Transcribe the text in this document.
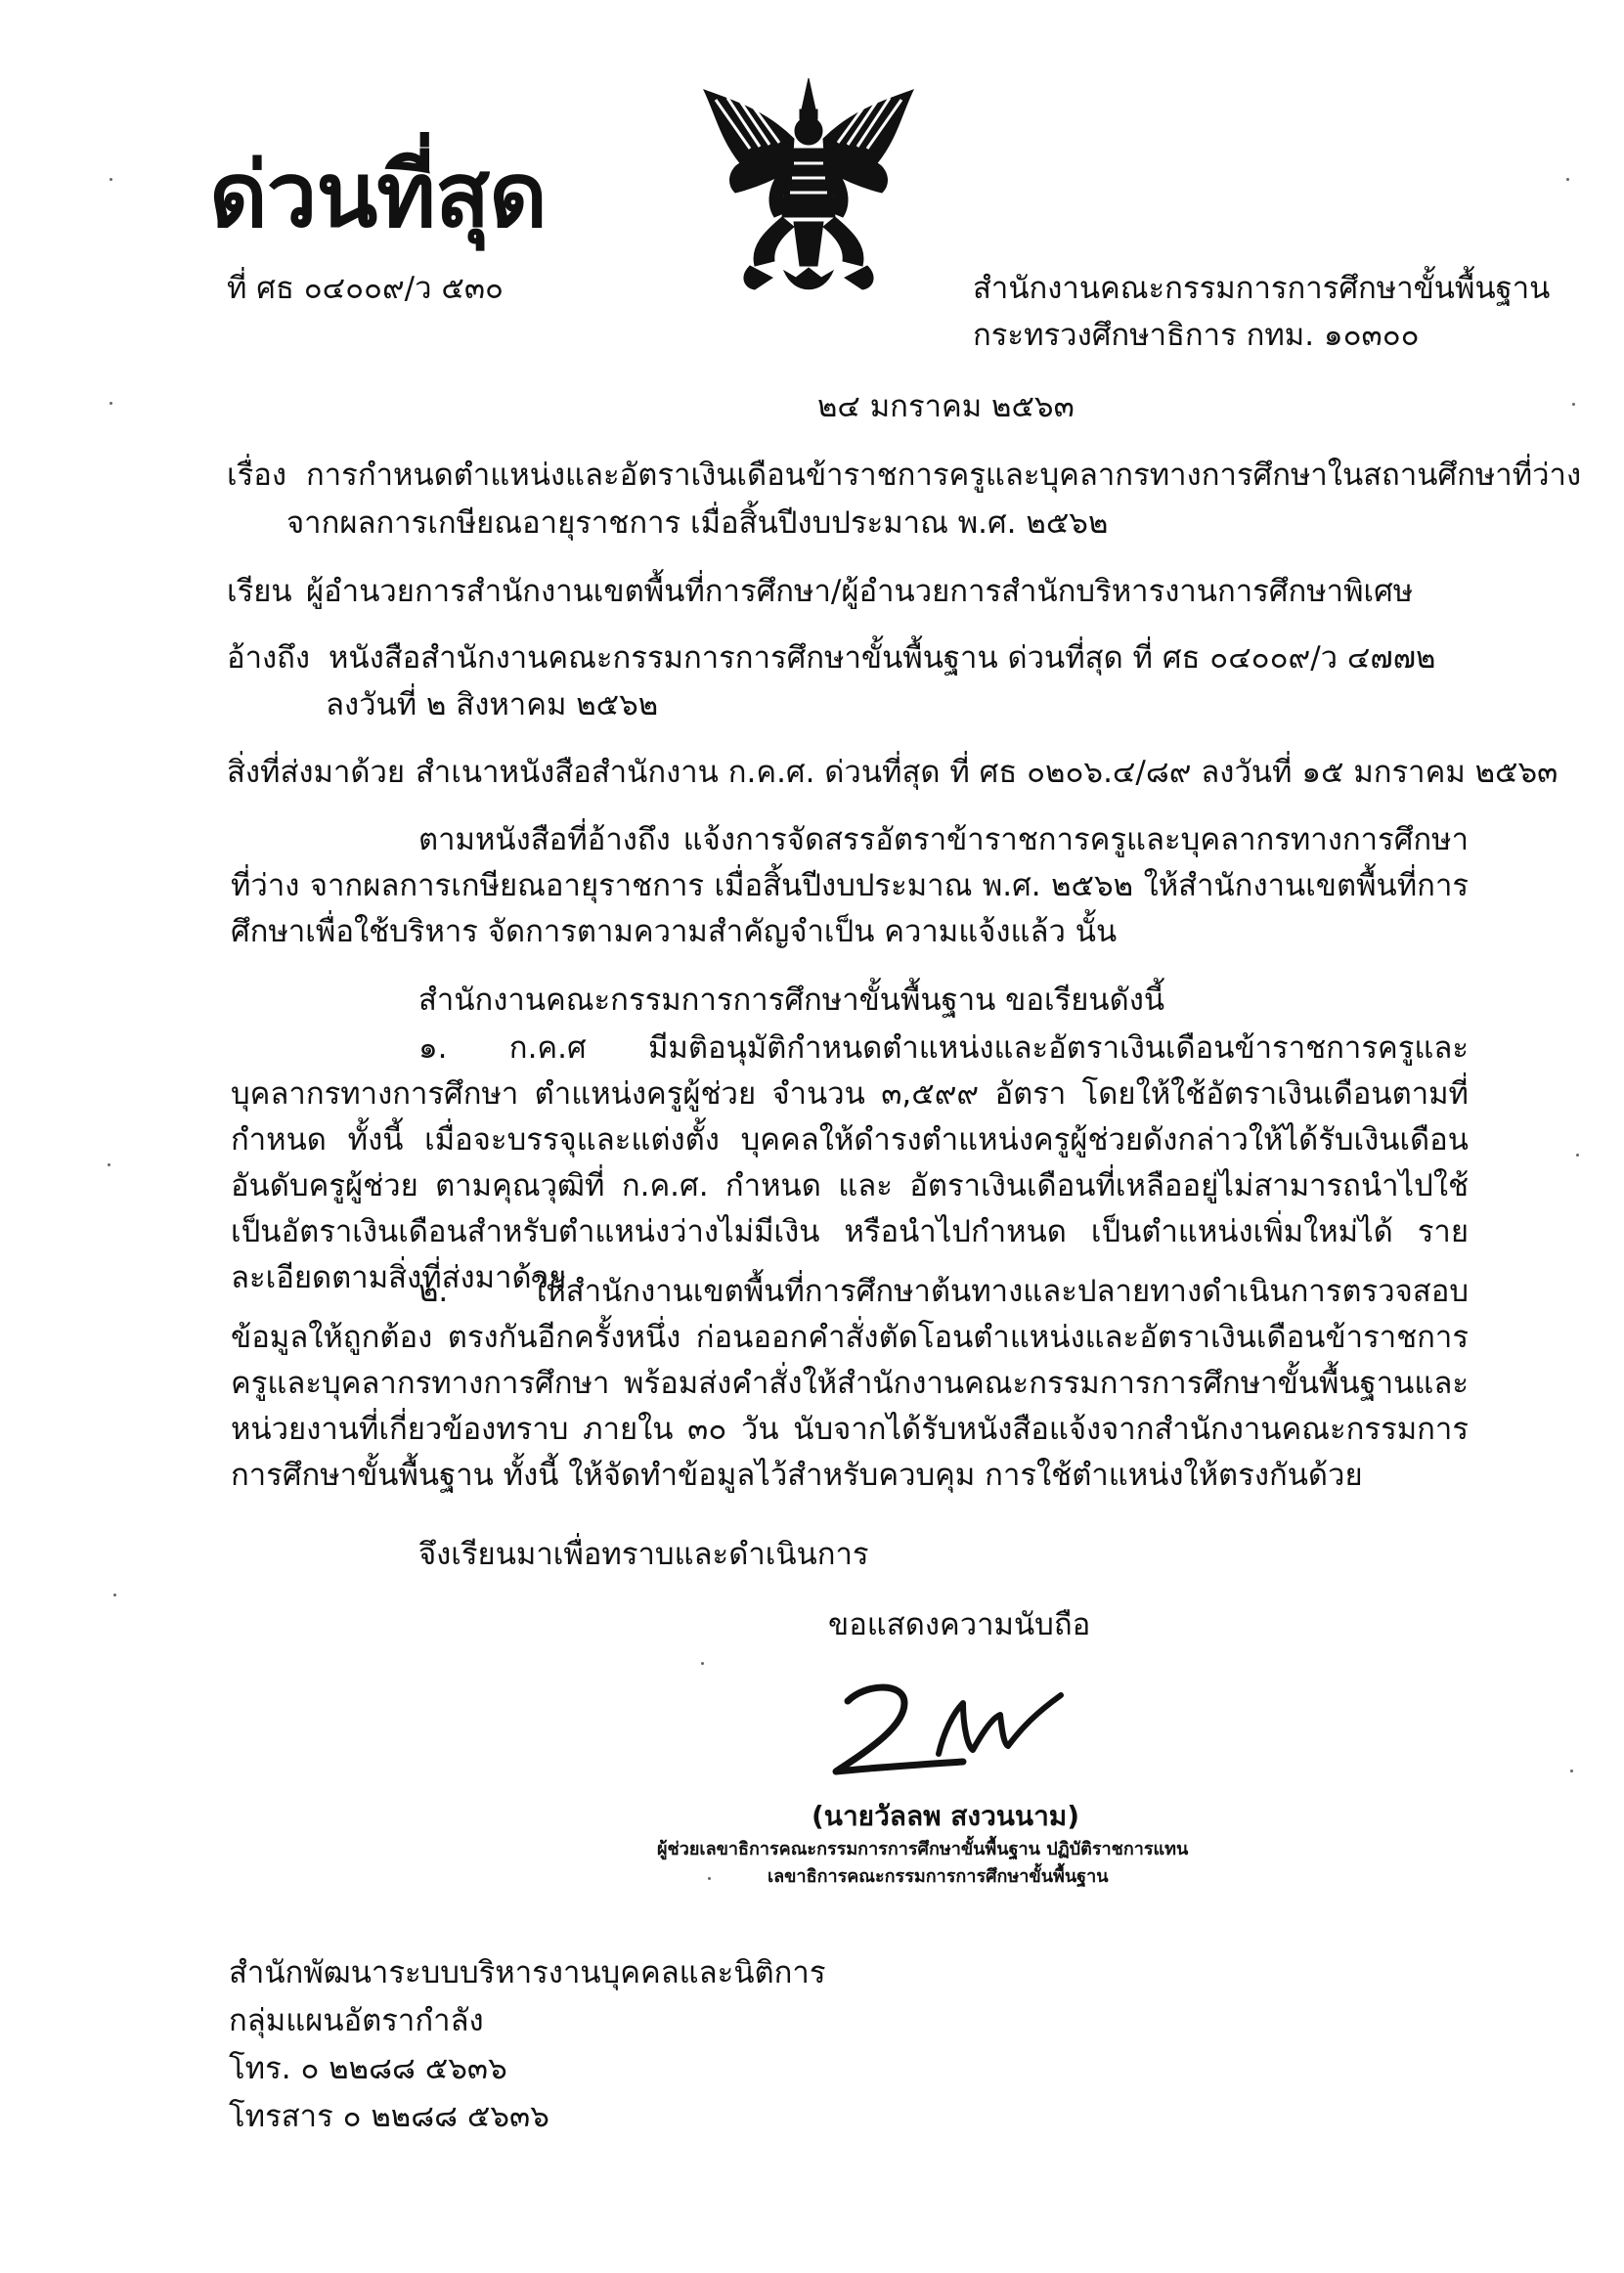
ด่วนที่สุด
ที่ ศธ ๐๔๐๐๙/ว ๕๓๐	สำนักงานคณะกรรมการการศึกษาขั้นพื้นฐาน
กระทรวงศึกษาธิการ กทม. ๑๐๓๐๐
๒๔ มกราคม ๒๕๖๓
เรื่อง การกำหนดตำแหน่งและอัตราเงินเดือนข้าราชการครูและบุคลากรทางการศึกษาในสถานศึกษาที่ว่าง
จากผลการเกษียณอายุราชการ เมื่อสิ้นปีงบประมาณ พ.ศ. ๒๕๖๒
เรียน ผู้อำนวยการสำนักงานเขตพื้นที่การศึกษา/ผู้อำนวยการสำนักบริหารงานการศึกษาพิเศษ
อ้างถึง หนังสือสำนักงานคณะกรรมการการศึกษาขั้นพื้นฐาน ด่วนที่สุด ที่ ศธ ๐๔๐๐๙/ว ๔๗๗๒
ลงวันที่ ๒ สิงหาคม ๒๕๖๒
สิ่งที่ส่งมาด้วย สำเนาหนังสือสำนักงาน ก.ค.ศ. ด่วนที่สุด ที่ ศธ ๐๒๐๖.๔/๘๙ ลงวันที่ ๑๕ มกราคม ๒๕๖๓
ตามหนังสือที่อ้างถึง แจ้งการจัดสรรอัตราข้าราชการครูและบุคลากรทางการศึกษาที่ว่าง จากผลการเกษียณอายุราชการ เมื่อสิ้นปีงบประมาณ พ.ศ. ๒๕๖๒ ให้สำนักงานเขตพื้นที่การศึกษาเพื่อใช้บริหาร จัดการตามความสำคัญจำเป็น ความแจ้งแล้ว นั้น
สำนักงานคณะกรรมการการศึกษาขั้นพื้นฐาน ขอเรียนดังนี้
๑. ก.ค.ศ มีมติอนุมัติกำหนดตำแหน่งและอัตราเงินเดือนข้าราชการครูและบุคลากรทางการศึกษา ตำแหน่งครูผู้ช่วย จำนวน ๓,๕๙๙ อัตรา โดยให้ใช้อัตราเงินเดือนตามที่กำหนด ทั้งนี้ เมื่อจะบรรจุและแต่งตั้ง บุคคลให้ดำรงตำแหน่งครูผู้ช่วยดังกล่าวให้ได้รับเงินเดือนอันดับครูผู้ช่วย ตามคุณวุฒิที่ ก.ค.ศ. กำหนด และ อัตราเงินเดือนที่เหลืออยู่ไม่สามารถนำไปใช้เป็นอัตราเงินเดือนสำหรับตำแหน่งว่างไม่มีเงิน หรือนำไปกำหนด เป็นตำแหน่งเพิ่มใหม่ได้ รายละเอียดตามสิ่งที่ส่งมาด้วย
๒. ให้สำนักงานเขตพื้นที่การศึกษาต้นทางและปลายทางดำเนินการตรวจสอบข้อมูลให้ถูกต้อง ตรงกันอีกครั้งหนึ่ง ก่อนออกคำสั่งตัดโอนตำแหน่งและอัตราเงินเดือนข้าราชการครูและบุคลากรทางการศึกษา พร้อมส่งคำสั่งให้สำนักงานคณะกรรมการการศึกษาขั้นพื้นฐานและหน่วยงานที่เกี่ยวข้องทราบ ภายใน ๓๐ วัน นับจากได้รับหนังสือแจ้งจากสำนักงานคณะกรรมการการศึกษาขั้นพื้นฐาน ทั้งนี้ ให้จัดทำข้อมูลไว้สำหรับควบคุม การใช้ตำแหน่งให้ตรงกันด้วย
จึงเรียนมาเพื่อทราบและดำเนินการ
ขอแสดงความนับถือ
(นายวัลลพ สงวนนาม)
ผู้ช่วยเลขาธิการคณะกรรมการการศึกษาขั้นพื้นฐาน ปฏิบัติราชการแทน
เลขาธิการคณะกรรมการการศึกษาขั้นพื้นฐาน
สำนักพัฒนาระบบบริหารงานบุคคลและนิติการ
กลุ่มแผนอัตรากำลัง
โทร. ๐ ๒๒๘๘ ๕๖๓๖
โทรสาร ๐ ๒๒๘๘ ๕๖๓๖
